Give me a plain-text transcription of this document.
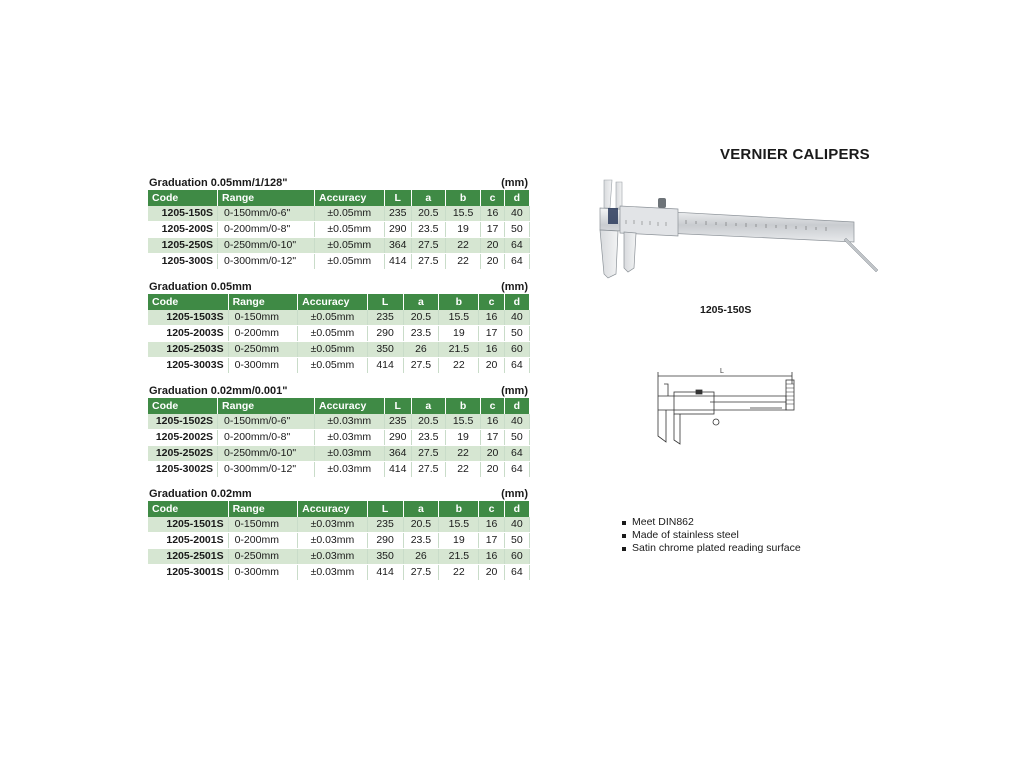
Graduation 0.05mm/1/128"	(mm)
Code	Range	Accuracy	L	a	b	c	d
1205-150S	0-150mm/0-6"	±0.05mm	235	20.5	15.5	16	40
1205-200S	0-200mm/0-8"	±0.05mm	290	23.5	19	17	50
1205-250S	0-250mm/0-10"	±0.05mm	364	27.5	22	20	64
1205-300S	0-300mm/0-12"	±0.05mm	414	27.5	22	20	64
Graduation 0.05mm	(mm)
Code	Range	Accuracy	L	a	b	c	d
1205-1503S	0-150mm	±0.05mm	235	20.5	15.5	16	40
1205-2003S	0-200mm	±0.05mm	290	23.5	19	17	50
1205-2503S	0-250mm	±0.05mm	350	26	21.5	16	60
1205-3003S	0-300mm	±0.05mm	414	27.5	22	20	64
Graduation 0.02mm/0.001"	(mm)
Code	Range	Accuracy	L	a	b	c	d
1205-1502S	0-150mm/0-6"	±0.03mm	235	20.5	15.5	16	40
1205-2002S	0-200mm/0-8"	±0.03mm	290	23.5	19	17	50
1205-2502S	0-250mm/0-10"	±0.03mm	364	27.5	22	20	64
1205-3002S	0-300mm/0-12"	±0.03mm	414	27.5	22	20	64
Graduation 0.02mm	(mm)
Code	Range	Accuracy	L	a	b	c	d
1205-1501S	0-150mm	±0.03mm	235	20.5	15.5	16	40
1205-2001S	0-200mm	±0.03mm	290	23.5	19	17	50
1205-2501S	0-250mm	±0.03mm	350	26	21.5	16	60
1205-3001S	0-300mm	±0.03mm	414	27.5	22	20	64
VERNIER CALIPERS
1205-150S
L
Meet DIN862
Made of stainless steel
Satin chrome plated reading surface
